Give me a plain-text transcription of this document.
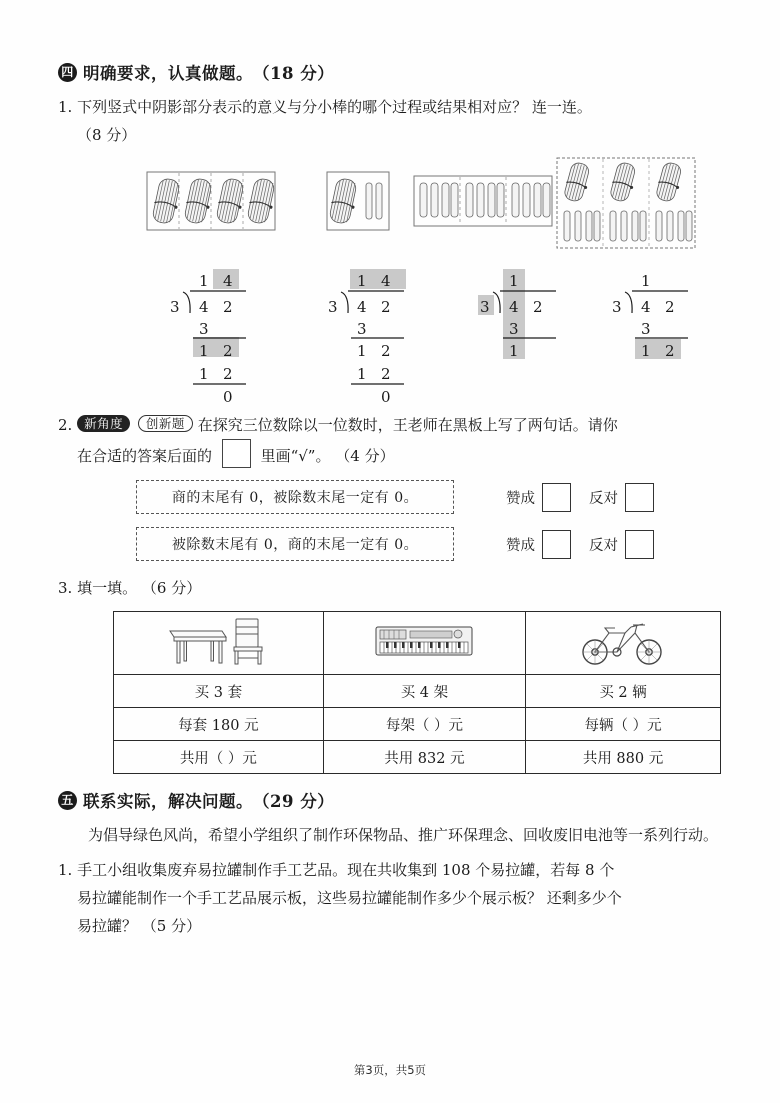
四 明确要求，认真做题。 （18 分）
1. 下列竖式中阴影部分表示的意义与分小棒的哪个过程或结果相对应？ 连一连。
（8 分）
1 4
3 4 2
3
1 2
1 2
0
1 4
3 4 2
3
1 2
1 2
0
1
3 4 2
3
1
1
3 4 2
3
1 2
2. 新角度 创新题 在探究三位数除以一位数时，王老师在黑板上写了两句话。请你
在合适的答案后面的	里画“√”。 （4 分）
商的末尾有 0，被除数末尾一定有 0。	赞成	反对
被除数末尾有 0，商的末尾一定有 0。	赞成	反对
3. 填一填。 （6 分）

买 3 套	买 4 架	买 2 辆
每套 180 元	每架（ ）元	每辆（ ）元
共用（ ）元	共用 832 元	共用 880 元
五 联系实际，解决问题。 （29 分）
为倡导绿色风尚，希望小学组织了制作环保物品、推广环保理念、回收废旧电池等一系列行动。
1. 手工小组收集废弃易拉罐制作手工艺品。现在共收集到 108 个易拉罐，若每 8 个
易拉罐能制作一个手工艺品展示板，这些易拉罐能制作多少个展示板？ 还剩多少个
易拉罐？ （5 分）
第3页，共5页
